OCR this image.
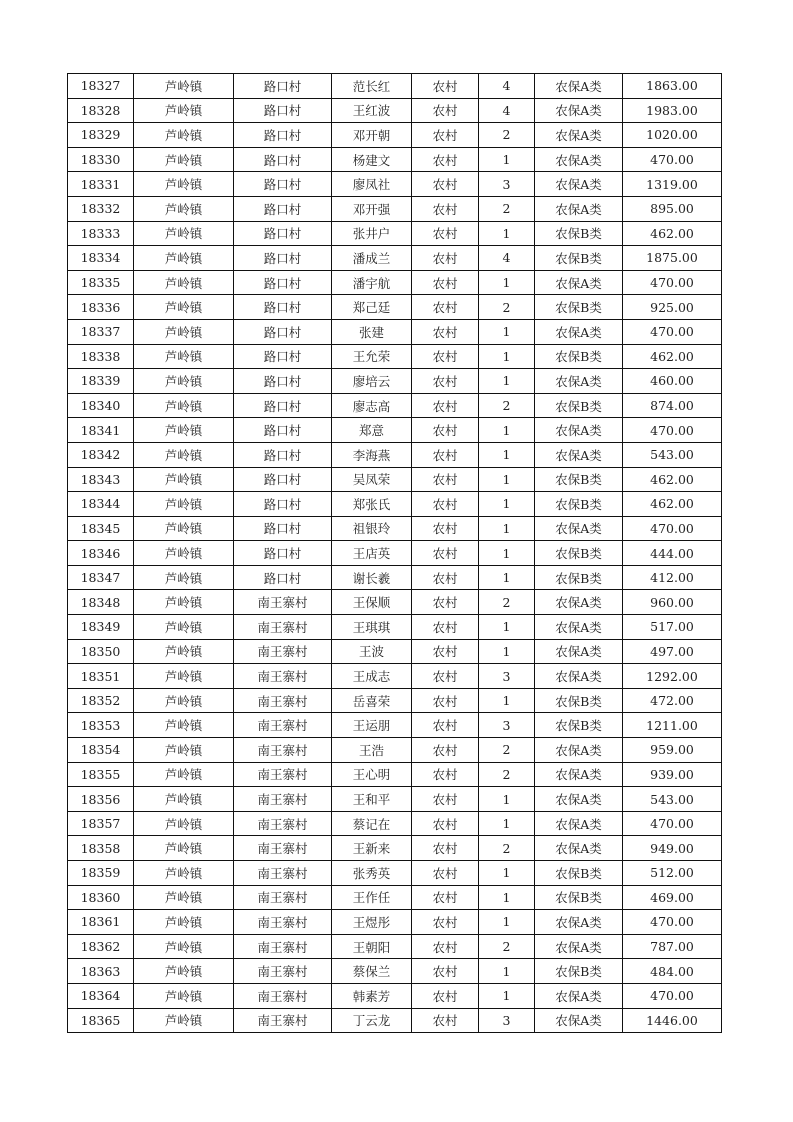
18327	芦岭镇	路口村	范长红	农村	4	农保A类	1863.00
18328	芦岭镇	路口村	王红波	农村	4	农保A类	1983.00
18329	芦岭镇	路口村	邓开朝	农村	2	农保A类	1020.00
18330	芦岭镇	路口村	杨建文	农村	1	农保A类	470.00
18331	芦岭镇	路口村	廖凤社	农村	3	农保A类	1319.00
18332	芦岭镇	路口村	邓开强	农村	2	农保A类	895.00
18333	芦岭镇	路口村	张井户	农村	1	农保B类	462.00
18334	芦岭镇	路口村	潘成兰	农村	4	农保B类	1875.00
18335	芦岭镇	路口村	潘宇航	农村	1	农保A类	470.00
18336	芦岭镇	路口村	郑己廷	农村	2	农保B类	925.00
18337	芦岭镇	路口村	张建	农村	1	农保A类	470.00
18338	芦岭镇	路口村	王允荣	农村	1	农保B类	462.00
18339	芦岭镇	路口村	廖培云	农村	1	农保A类	460.00
18340	芦岭镇	路口村	廖志高	农村	2	农保B类	874.00
18341	芦岭镇	路口村	郑意	农村	1	农保A类	470.00
18342	芦岭镇	路口村	李海燕	农村	1	农保A类	543.00
18343	芦岭镇	路口村	吴凤荣	农村	1	农保B类	462.00
18344	芦岭镇	路口村	郑张氏	农村	1	农保B类	462.00
18345	芦岭镇	路口村	祖银玲	农村	1	农保A类	470.00
18346	芦岭镇	路口村	王店英	农村	1	农保B类	444.00
18347	芦岭镇	路口村	谢长羲	农村	1	农保B类	412.00
18348	芦岭镇	南王寨村	王保顺	农村	2	农保A类	960.00
18349	芦岭镇	南王寨村	王琪琪	农村	1	农保A类	517.00
18350	芦岭镇	南王寨村	王波	农村	1	农保A类	497.00
18351	芦岭镇	南王寨村	王成志	农村	3	农保A类	1292.00
18352	芦岭镇	南王寨村	岳喜荣	农村	1	农保B类	472.00
18353	芦岭镇	南王寨村	王运朋	农村	3	农保B类	1211.00
18354	芦岭镇	南王寨村	王浩	农村	2	农保A类	959.00
18355	芦岭镇	南王寨村	王心明	农村	2	农保A类	939.00
18356	芦岭镇	南王寨村	王和平	农村	1	农保A类	543.00
18357	芦岭镇	南王寨村	蔡记在	农村	1	农保A类	470.00
18358	芦岭镇	南王寨村	王新来	农村	2	农保A类	949.00
18359	芦岭镇	南王寨村	张秀英	农村	1	农保B类	512.00
18360	芦岭镇	南王寨村	王作任	农村	1	农保B类	469.00
18361	芦岭镇	南王寨村	王煜彤	农村	1	农保A类	470.00
18362	芦岭镇	南王寨村	王朝阳	农村	2	农保A类	787.00
18363	芦岭镇	南王寨村	蔡保兰	农村	1	农保B类	484.00
18364	芦岭镇	南王寨村	韩素芳	农村	1	农保A类	470.00
18365	芦岭镇	南王寨村	丁云龙	农村	3	农保A类	1446.00
